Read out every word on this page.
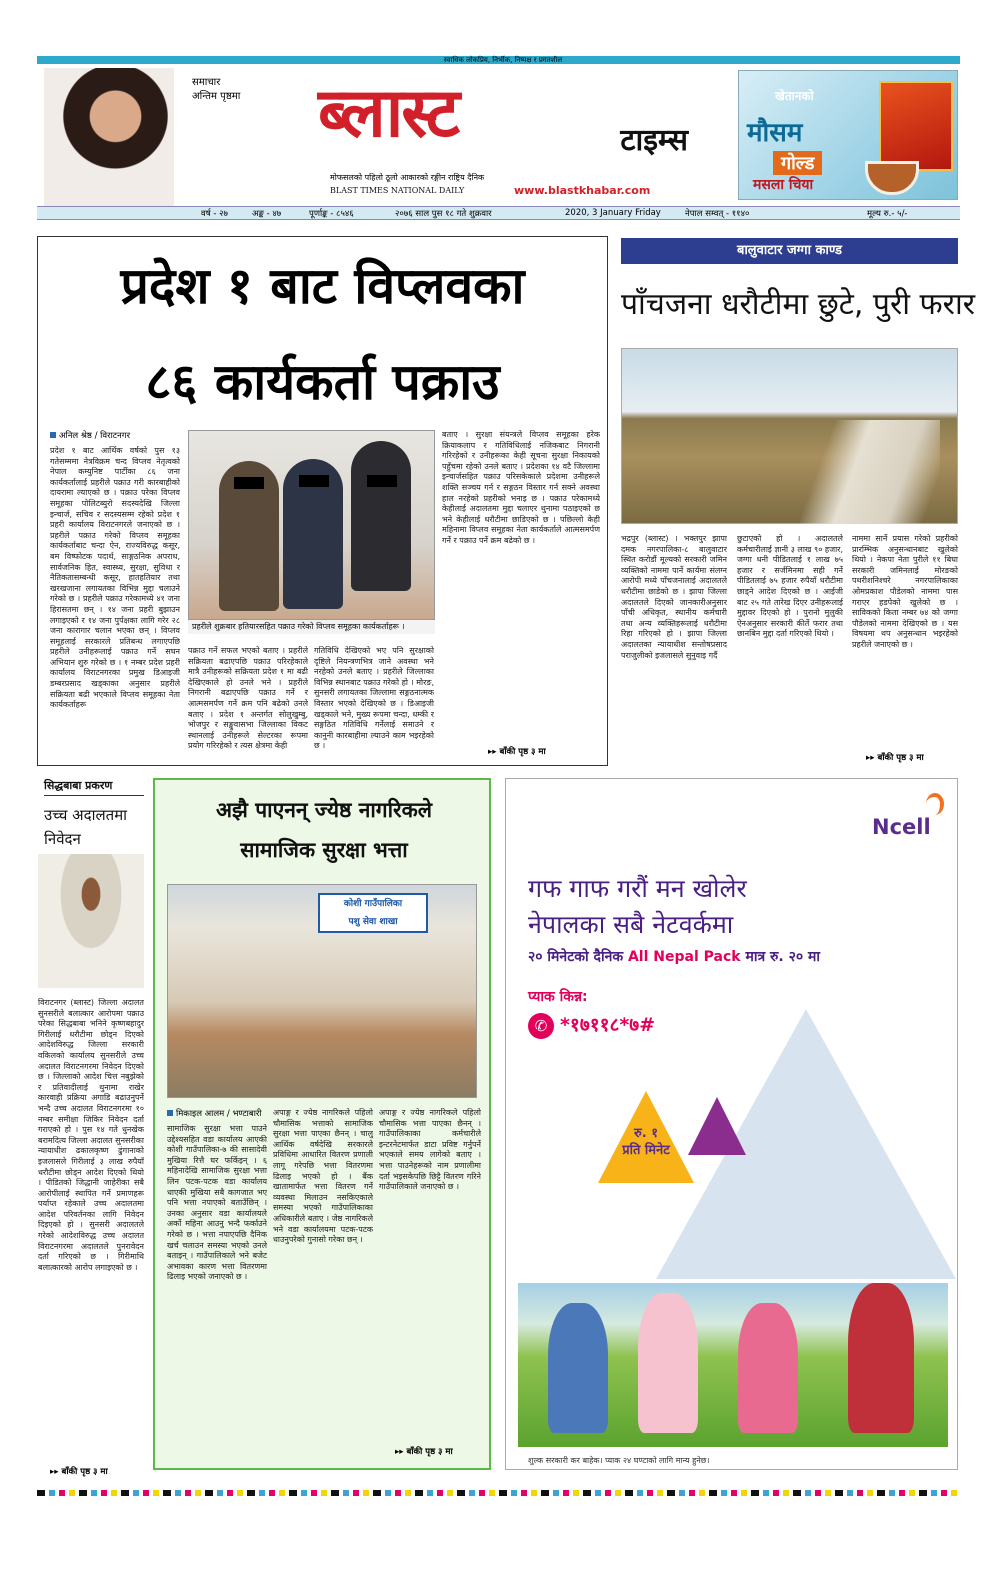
स्वाधिक लोकप्रिय, निर्भीक, निष्पक्ष र प्रगतशील
समाचार
अन्तिम पृष्ठमा ब्लास्ट	टाइम्स
मोफसलको पहिलो ठूलो आकारको रङ्गीन राष्ट्रिय दैनिक
BLAST TIMES NATIONAL DAILY	www.blastkhabar.com
खेतानको
मौसम
गोल्ड
मसला चिया
वर्ष - २७	अङ्क - ४७	पूर्णाङ्क - ८५४६	२०७६ साल पुस १८ गते शुक्रवार	2020, 3 January Friday	नेपाल सम्वत् - ११४०	मूल्य रु.- ५/-
प्रदेश १ बाट विप्लवका
८६ कार्यकर्ता पक्राउ
अनिल श्रेष्ठ / विराटनगर
प्रदेश १ बाट आर्थिक वर्षको पुस १३ गतेसम्ममा नेत्रविक्रम चन्द विप्लव नेतृत्वको नेपाल कम्युनिष्ट पार्टीका ८६ जना कार्यकर्तालाई प्रहरीले पक्राउ गरी कारबाहीको दायरामा ल्याएको छ । पक्राउ परेका विप्लव समूहका पोलिटब्युरो सदस्यदेखि जिल्ला इन्चार्ज, सचिव र सदस्यसम्म रहेको प्रदेश १ प्रहरी कार्यालय विराटनगरले जनाएको छ । प्रहरीले पक्राउ गरेको विप्लव समूहका कार्यकर्ताबाट चन्दा ऐन, राज्यविरुद्ध कसूर, बम विष्फोटक पदार्थ, साङ्गठनिक अपराध, सार्वजनिक हित, स्वास्थ्य, सुरक्षा, सुविधा र नैतिकतासम्बन्धी कसूर, हातहतियार तथा खरखजाना लगायतका विभिन्न मुद्दा चलाउने गरेको छ । प्रहरीले पक्राउ गरेकामध्ये ४१ जना हिरासतमा छन् । १४ जना प्रहरी बुझाउन लगाइएको र १४ जना पुर्पक्षका लागि गरेर २८ जना कारागार चलान भएका छन् । विप्लव समूहलाई सरकारले प्रतिबन्ध लगाएपछि प्रहरीले उनीहरूलाई पक्राउ गर्ने सघन अभियान शुरु गरेको छ । १ नम्बर प्रदेश प्रहरी कार्यालय विराटनगरका प्रमुख डिआइजी डम्बरप्रसाद खड्काका अनुसार प्रहरीले सक्रियता बढी भएकाले विप्लव समूहका नेता कार्यकर्ताहरू
प्रहरीले शुक्रबार हतियारसहित पक्राउ गरेको विप्लव समूहका कार्यकर्ताहरू ।
पक्राउ गर्ने सफल भएको बताए । प्रहरीले सक्रियता बढाएपछि पक्राउ परिरहेकाले मात्रै उनीहरूको सक्रियता प्रदेश १ मा बढी देखिएकाले हो उनले भने । प्रहरीले निगरानी बढाएपछि पक्राउ गर्ने र आत्मसमर्पण गर्ने क्रम पनि बढेको उनले बताए । प्रदेश १ अन्तर्गत सोलुखुम्बु, भोजपुर र सङ्खुवासभा जिल्लाका विकट स्थानलाई उनीहरूले सेल्टरका रूपमा प्रयोग गरिरहेको र त्यस क्षेत्रमा केही
गतिविधि देखिएको भए पनि सुरक्षाको दृष्टिले नियन्त्रणभित्र जाने अवस्था भने नरहेको उनले बताए । प्रहरीले जिल्लाका विभिन्न स्थानबाट पक्राउ गरेको हो । मोरङ, सुनसरी लगायतका जिल्लामा सङ्गठनात्मक विस्तार भएको देखिएको छ । डिआइजी खड्काले भने, मुख्य रूपमा चन्दा, धम्की र सङ्गठित गतिविधि गर्नेलाई समाउने र कानुनी कारबाहीमा ल्याउने काम भइरहेको छ ।
बताए । सुरक्षा संयन्त्रले विप्लव समूहका हरेक क्रियाकलाप र गतिविधिलाई नजिकबाट निगरानी गरिरहेको र उनीहरूका केही सूचना सुरक्षा निकायको पहुँचमा रहेको उनले बताए । प्रदेशका १४ वटै जिल्लामा इन्चार्जसहित पक्राउ परिसकेकाले प्रदेशमा उनीहरूले शक्ति सञ्चय गर्न र सङ्गठन विस्तार गर्न सक्ने अवस्था हाल नरहेको प्रहरीको भनाइ छ । पक्राउ परेकामध्ये केहीलाई अदालतमा मुद्दा चलाएर थुनामा पठाइएको छ भने केहीलाई धरौटीमा छाडिएको छ । पछिल्लो केही महिनामा विप्लव समूहका नेता कार्यकर्ताले आत्मसमर्पण गर्ने र पक्राउ पर्ने क्रम बढेको छ ।
▸▸ बाँकी पृष्ठ ३ मा
बालुवाटार जग्गा काण्ड
पाँचजना धरौटीमा छुटे, पुरी फरार
भद्रपुर (ब्लास्ट) । भक्तपुर झापा दमक नगरपालिका-८ बालुवाटार स्थित करोडौं मूल्यको सरकारी जमिन व्यक्तिको नाममा पार्ने कार्यमा संलग्न आरोपी मध्ये पाँचजनालाई अदालतले धरौटीमा छाडेको छ । झापा जिल्ला अदालतले दिएको जानकारीअनुसार पाँची अधिकृत, स्थानीय कर्मचारी तथा अन्य व्यक्तिहरूलाई धरौटीमा रिहा गरिएको हो । झापा जिल्ला अदालतका न्यायाधीश सन्तोषप्रसाद पराजुलीको इजलासले सुनुवाइ गर्दै
छुटाएको हो । अदालतले कर्मचारीलाई ज्ञानी ३ लाख ९० हजार, जग्गा धनी पीडितलाई १ लाख ७५ हजार र सर्जमिनमा सही गर्ने पीडितलाई ७५ हजार रुपैयाँ धरौटीमा छाड्ने आदेश दिएको छ । आईजी बाट २५ गते तारेख दिएर उनीहरूलाई मुद्दावर दिएको हो । पुरानो मुलुकी ऐनअनुसार सरकारी कीर्ते फरार तथा छानबिन मुद्दा दर्ता गरिएको थियो ।
नाममा सार्ने प्रयास गरेको प्रहरीको प्रारम्भिक अनुसन्धानबाट खुलेको थियो । नेकपा नेता पुरीले ११ बिघा सरकारी जमिनलाई मोरङको पथरीशनिश्चरे नगरपालिकाका ओमप्रकाश पौडेलको नाममा पास गराएर हडपेको खुलेको छ । साविकको किता नम्बर ७४ को जग्गा पौडेलको नाममा देखिएको छ । यस विषयमा थप अनुसन्धान भइरहेको प्रहरीले जनाएको छ ।
▸▸ बाँकी पृष्ठ ३ मा
सिद्धबाबा प्रकरण
उच्च अदालतमा निवेदन
विराटनगर (ब्लास्ट) जिल्ला अदालत सुनसरीले बलात्कार आरोपमा पक्राउ परेका सिद्धबाबा भनिने कृष्णबहादुर गिरीलाई धरौटीमा छोड्न दिएको आदेशविरुद्ध जिल्ला सरकारी वकिलको कार्यालय सुनसरीले उच्च अदालत विराटनगरमा निवेदन दिएको छ । जिल्लाको आदेश चित्त नबुझेको र प्रतिवादीलाई थुनामा राखेर कारवाही प्रक्रिया अगाडि बढाउनुपर्ने भन्दै उच्च अदालत विराटनगरमा १० नम्बर समीक्षा जिकिर निवेदन दर्ता गराएको हो । पुस १४ गते धुनखेक बरामदित्य जिल्ला अदालत सुनसरीका न्यायाधीश ढकालकृष्ण ढुंगानाको इजलासले गिरीलाई ३ लाख रुपैयाँ धरौटीमा छोड्न आदेश दिएको थियो । पीडितको जिद्धानी जाहेरीका सबै आरोपीलाई स्थापित गर्ने प्रमाणहरू पर्याप्त रहेकाले उच्च अदालतमा आदेश परिवर्तनका लागि निवेदन दिइएको हो । सुनसरी अदालतले गरेको आदेशविरुद्ध उच्च अदालत विराटनगरमा अदालतले पुनरावेदन दर्ता गरिएको छ । गिरीमाथि बलात्कारको आरोप लगाइएको छ ।
▸▸ बाँकी पृष्ठ ३ मा
अझै पाएनन् ज्येष्ठ नागरिकले
सामाजिक सुरक्षा भत्ता
कोशी गाउँपालिका
पशु सेवा शाखा
मिकाइल आलम / भण्टाबारी
सामाजिक सुरक्षा भत्ता पाउने उद्देश्यसहित वडा कार्यालय आएकी कोशी गाउँपालिका-७ की सासादेवी मुखिया रित्तै घर फर्किइन् । ६ महिनादेखि सामाजिक सुरक्षा भत्ता लिन पटक-पटक वडा कार्यालय धाएकी मुखिया सबै कागजात भए पनि भत्ता नपाएको बताउँछिन् । उनका अनुसार वडा कार्यालयले अर्को महिना आउनु भन्दै फर्काउने गरेको छ । भत्ता नपाएपछि दैनिक खर्च चलाउन समस्या भएको उनले बताइन् । गाउँपालिकाले भने बजेट अभावका कारण भत्ता वितरणमा ढिलाइ भएको जनाएको छ ।
अपाङ्ग र ज्येष्ठ नागरिकले पहिलो चौमासिक भत्ताको सामाजिक सुरक्षा भत्ता पाएका छैनन् । चालु आर्थिक वर्षदेखि सरकारले प्रविधिमा आधारित वितरण प्रणाली लागू गरेपछि भत्ता वितरणमा ढिलाइ भएको हो । बैंक खातामार्फत भत्ता वितरण गर्ने व्यवस्था मिलाउन नसकिएकाले समस्या भएको गाउँपालिकाका अधिकारीले बताए । जेष्ठ नागरिकले भने वडा कार्यालयमा पटक-पटक धाउनुपरेको गुनासो गरेका छन् ।
अपाङ्ग र ज्येष्ठ नागरिकले पहिलो चौमासिक भत्ता पाएका छैनन् । गाउँपालिकाका कर्मचारीले इन्टरनेटमार्फत डाटा प्रविष्ट गर्नुपर्ने भएकाले समय लागेको बताए । भत्ता पाउनेहरूको नाम प्रणालीमा दर्ता भइसकेपछि छिट्टै वितरण गरिने गाउँपालिकाले जनाएको छ ।
▸▸ बाँकी पृष्ठ ३ मा
Ncell
गफ गाफ गरौं मन खोलेर
नेपालका सबै नेटवर्कमा
२० मिनेटको दैनिक All Nepal Pack मात्र रु. २० मा
प्याक किन्न:
✆ *१७११८*७#
रु. १
प्रति मिनेट
शुल्क सरकारी कर बाहेक। प्याक २४ घण्टाको लागि मान्य हुनेछ।
